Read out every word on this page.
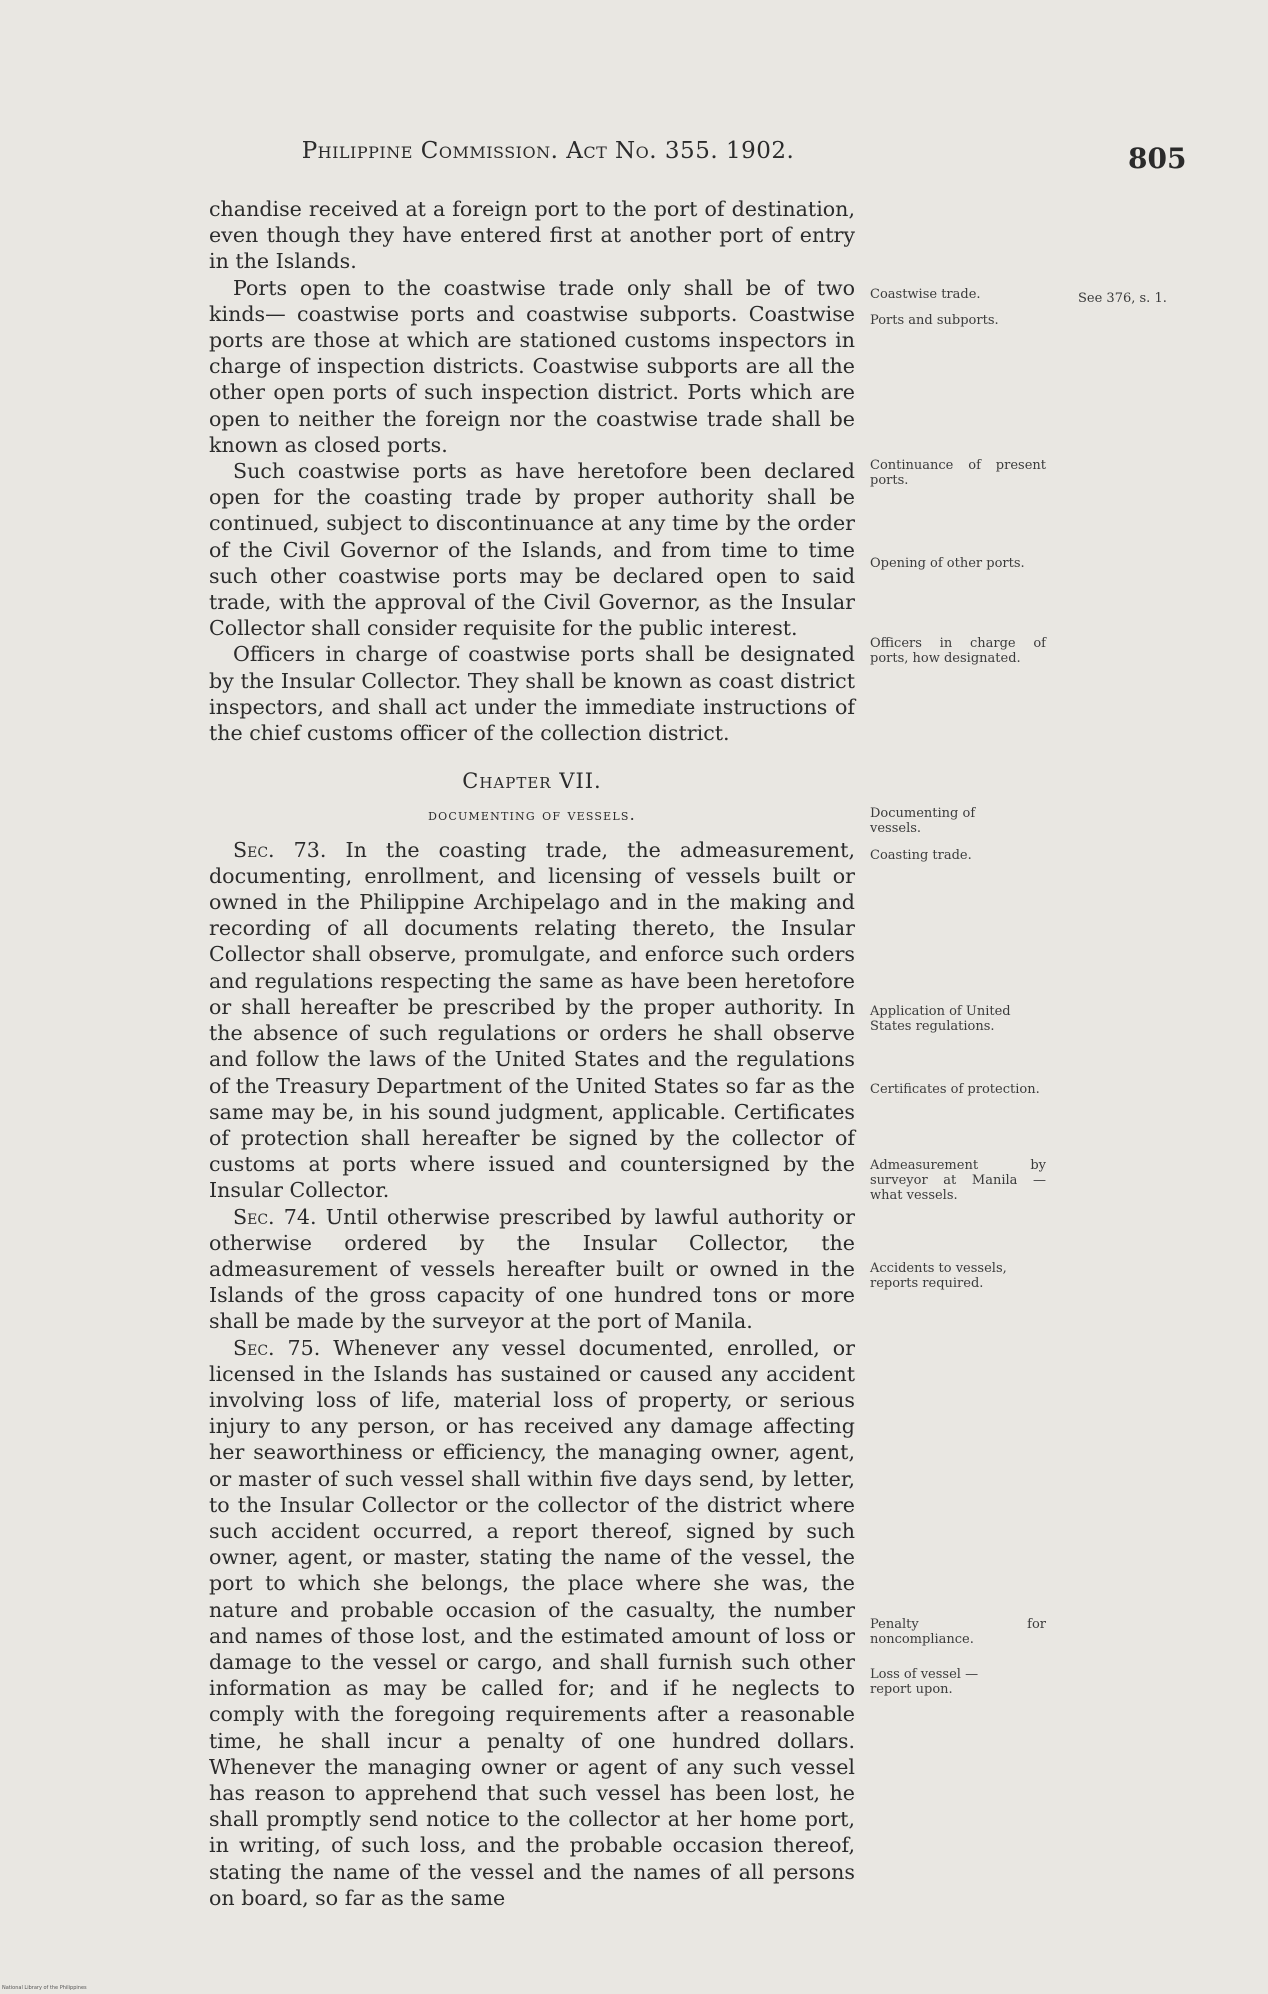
Philippine Commission. Act No. 355. 1902.	805

chandise received at a foreign port to the port of destination, even though they have entered first at another port of entry in the Islands.

Ports open to the coastwise trade only shall be of two kinds— coastwise ports and coastwise subports. Coastwise ports are those at which are stationed customs inspectors in charge of inspection districts. Coastwise subports are all the other open ports of such inspection district. Ports which are open to neither the foreign nor the coastwise trade shall be known as closed ports.

Such coastwise ports as have heretofore been declared open for the coasting trade by proper authority shall be continued, subject to discontinuance at any time by the order of the Civil Governor of the Islands, and from time to time such other coastwise ports may be declared open to said trade, with the approval of the Civil Governor, as the Insular Collector shall consider requisite for the public interest.

Officers in charge of coastwise ports shall be designated by the Insular Collector. They shall be known as coast district inspectors, and shall act under the immediate instructions of the chief customs officer of the collection district.

Chapter VII.
documenting of vessels.

Sec. 73. In the coasting trade, the admeasurement, documenting, enrollment, and licensing of vessels built or owned in the Philippine Archipelago and in the making and recording of all documents relating thereto, the Insular Collector shall observe, promulgate, and enforce such orders and regulations respecting the same as have been heretofore or shall hereafter be prescribed by the proper authority. In the absence of such regulations or orders he shall observe and follow the laws of the United States and the regulations of the Treasury Department of the United States so far as the same may be, in his sound judgment, applicable. Certificates of protection shall hereafter be signed by the collector of customs at ports where issued and countersigned by the Insular Collector.

Sec. 74. Until otherwise prescribed by lawful authority or otherwise ordered by the Insular Collector, the admeasurement of vessels hereafter built or owned in the Islands of the gross capacity of one hundred tons or more shall be made by the surveyor at the port of Manila.

Sec. 75. Whenever any vessel documented, enrolled, or licensed in the Islands has sustained or caused any accident involving loss of life, material loss of property, or serious injury to any person, or has received any damage affecting her seaworthiness or efficiency, the managing owner, agent, or master of such vessel shall within five days send, by letter, to the Insular Collector or the collector of the district where such accident occurred, a report thereof, signed by such owner, agent, or master, stating the name of the vessel, the port to which she belongs, the place where she was, the nature and probable occasion of the casualty, the number and names of those lost, and the estimated amount of loss or damage to the vessel or cargo, and shall furnish such other information as may be called for; and if he neglects to comply with the foregoing requirements after a reasonable time, he shall incur a penalty of one hundred dollars. Whenever the managing owner or agent of any such vessel has reason to apprehend that such vessel has been lost, he shall promptly send notice to the collector at her home port, in writing, of such loss, and the probable occasion thereof, stating the name of the vessel and the names of all persons on board, so far as the same

Coastwise trade.
Ports and subports.
Continuance of present ports.
Opening of other ports.
Officers in charge of ports, how designated.
Documenting of vessels.
Coasting trade.
Application of United States regulations.
Certificates of protection.
Admeasurement by surveyor at Manila — what vessels.
Accidents to vessels, reports required.
Penalty for noncompliance.
Loss of vessel — report upon.
See 376, s. 1.
National Library of the Philippines
